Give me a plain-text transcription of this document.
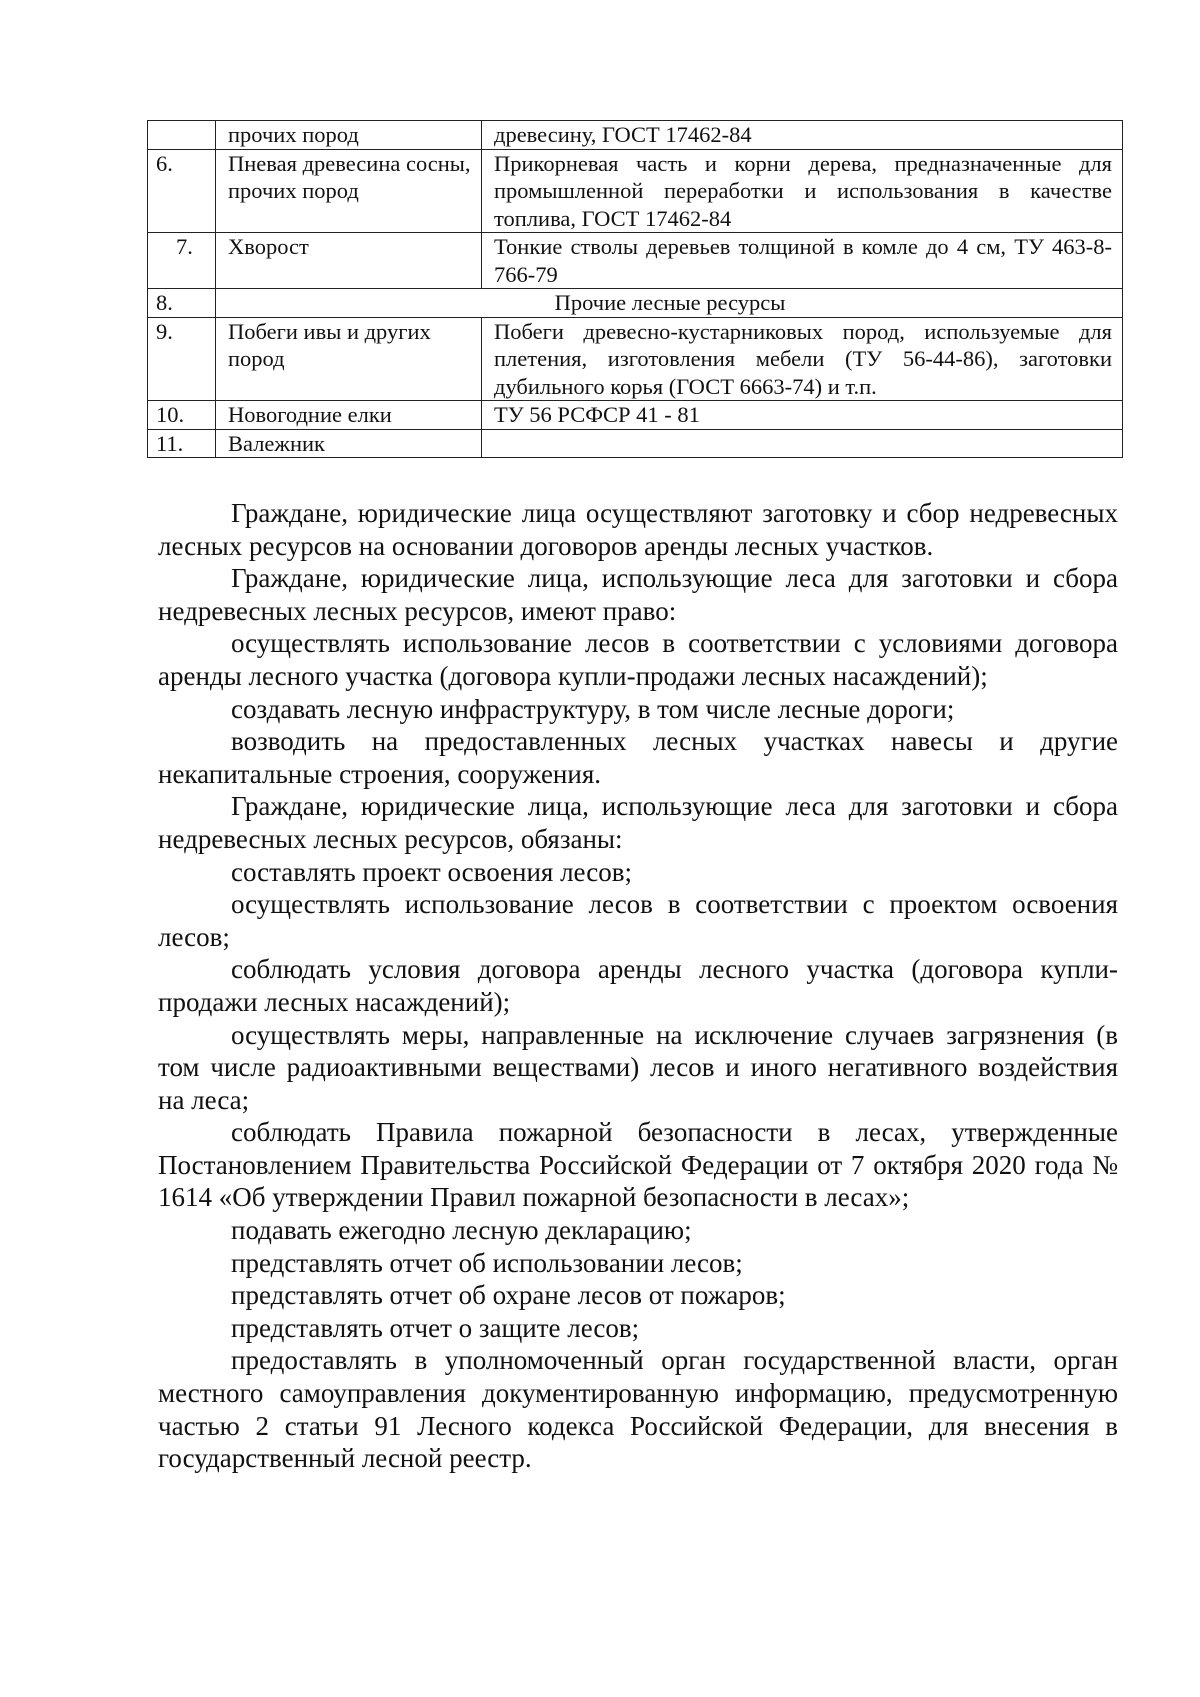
	прочих пород	древесину, ГОСТ 17462-84
6.	Пневая древесина сосны, прочих пород	Прикорневая часть и корни дерева, предназначенные для промышленной переработки и использования в качестве топлива, ГОСТ 17462-84
7.	Хворост	Тонкие стволы деревьев толщиной в комле до 4 см, ТУ 463-8-766-79
8.	Прочие лесные ресурсы	
9.	Побеги ивы и других пород	Побеги древесно-кустарниковых пород, используемые для плетения, изготовления мебели (ТУ 56-44-86), заготовки дубильного корья (ГОСТ 6663-74) и т.п.
10.	Новогодние елки	ТУ 56 РСФСР 41 - 81
11.	Валежник	

Граждане, юридические лица осуществляют заготовку и сбор недревесных лесных ресурсов на основании договоров аренды лесных участков.

Граждане, юридические лица, использующие леса для заготовки и сбора недревесных лесных ресурсов, имеют право:

осуществлять использование лесов в соответствии с условиями договора аренды лесного участка (договора купли-продажи лесных насаждений);

создавать лесную инфраструктуру, в том числе лесные дороги;

возводить на предоставленных лесных участках навесы и другие некапитальные строения, сооружения.

Граждане, юридические лица, использующие леса для заготовки и сбора недревесных лесных ресурсов, обязаны:

составлять проект освоения лесов;

осуществлять использование лесов в соответствии с проектом освоения лесов;

соблюдать условия договора аренды лесного участка (договора купли-продажи лесных насаждений);

осуществлять меры, направленные на исключение случаев загрязнения (в том числе радиоактивными веществами) лесов и иного негативного воздействия на леса;

соблюдать Правила пожарной безопасности в лесах, утвержденные Постановлением Правительства Российской Федерации от 7 октября 2020 года № 1614 «Об утверждении Правил пожарной безопасности в лесах»;

подавать ежегодно лесную декларацию;

представлять отчет об использовании лесов;

представлять отчет об охране лесов от пожаров;

представлять отчет о защите лесов;

предоставлять в уполномоченный орган государственной власти, орган местного самоуправления документированную информацию, предусмотренную частью 2 статьи 91 Лесного кодекса Российской Федерации, для внесения в государственный лесной реестр.
